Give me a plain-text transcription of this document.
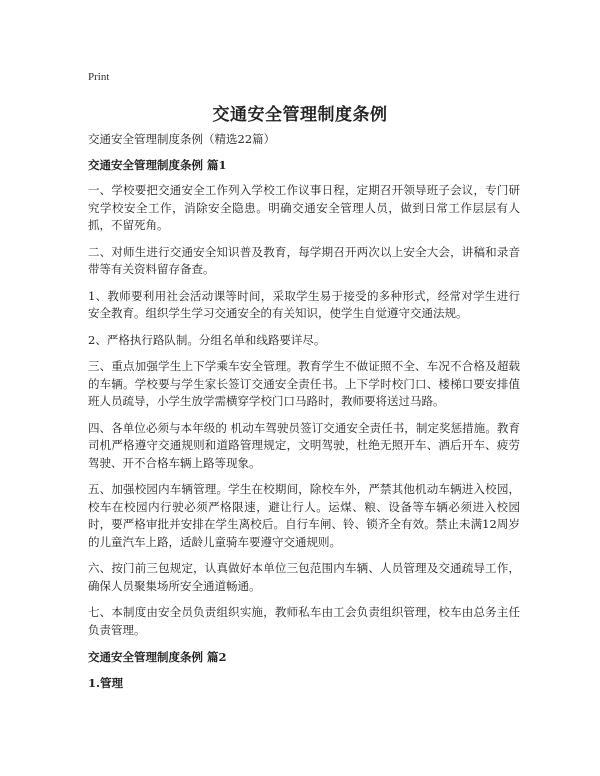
Print
交通安全管理制度条例

交通安全管理制度条例（精选22篇）

交通安全管理制度条例 篇1

一、学校要把交通安全工作列入学校工作议事日程，定期召开领导班子会议，专门研究学校安全工作，消除安全隐患。明确交通安全管理人员，做到日常工作层层有人抓，不留死角。

二、对师生进行交通安全知识普及教育，每学期召开两次以上安全大会，讲稿和录音带等有关资料留存备查。

1、教师要利用社会活动课等时间，采取学生易于接受的多种形式，经常对学生进行安全教育。组织学生学习交通安全的有关知识，使学生自觉遵守交通法规。

2、严格执行路队制。分组名单和线路要详尽。

三、重点加强学生上下学乘车安全管理。教育学生不做证照不全、车况不合格及超载的车辆。学校要与学生家长签订交通安全责任书。上下学时校门口、楼梯口要安排值班人员疏导，小学生放学需横穿学校门口马路时，教师要将送过马路。

四、各单位必须与本年级的 机动车驾驶员签订交通安全责任书，制定奖惩措施。教育司机严格遵守交通规则和道路管理规定，文明驾驶，杜绝无照开车、酒后开车、疲劳驾驶、开不合格车辆上路等现象。

五、加强校园内车辆管理。学生在校期间，除校车外，严禁其他机动车辆进入校园，校车在校园内行驶必须严格限速，避让行人。运煤、粮、设备等车辆必须进入校园时，要严格审批并安排在学生离校后。自行车闸、铃、锁齐全有效。禁止未满12周岁的儿童汽车上路，适龄儿童骑车要遵守交通规则。

六、按门前三包规定，认真做好本单位三包范围内车辆、人员管理及交通疏导工作，确保人员聚集场所安全通道畅通。

七、本制度由安全员负责组织实施，教师私车由工会负责组织管理，校车由总务主任负责管理。

交通安全管理制度条例 篇2

1.管理
